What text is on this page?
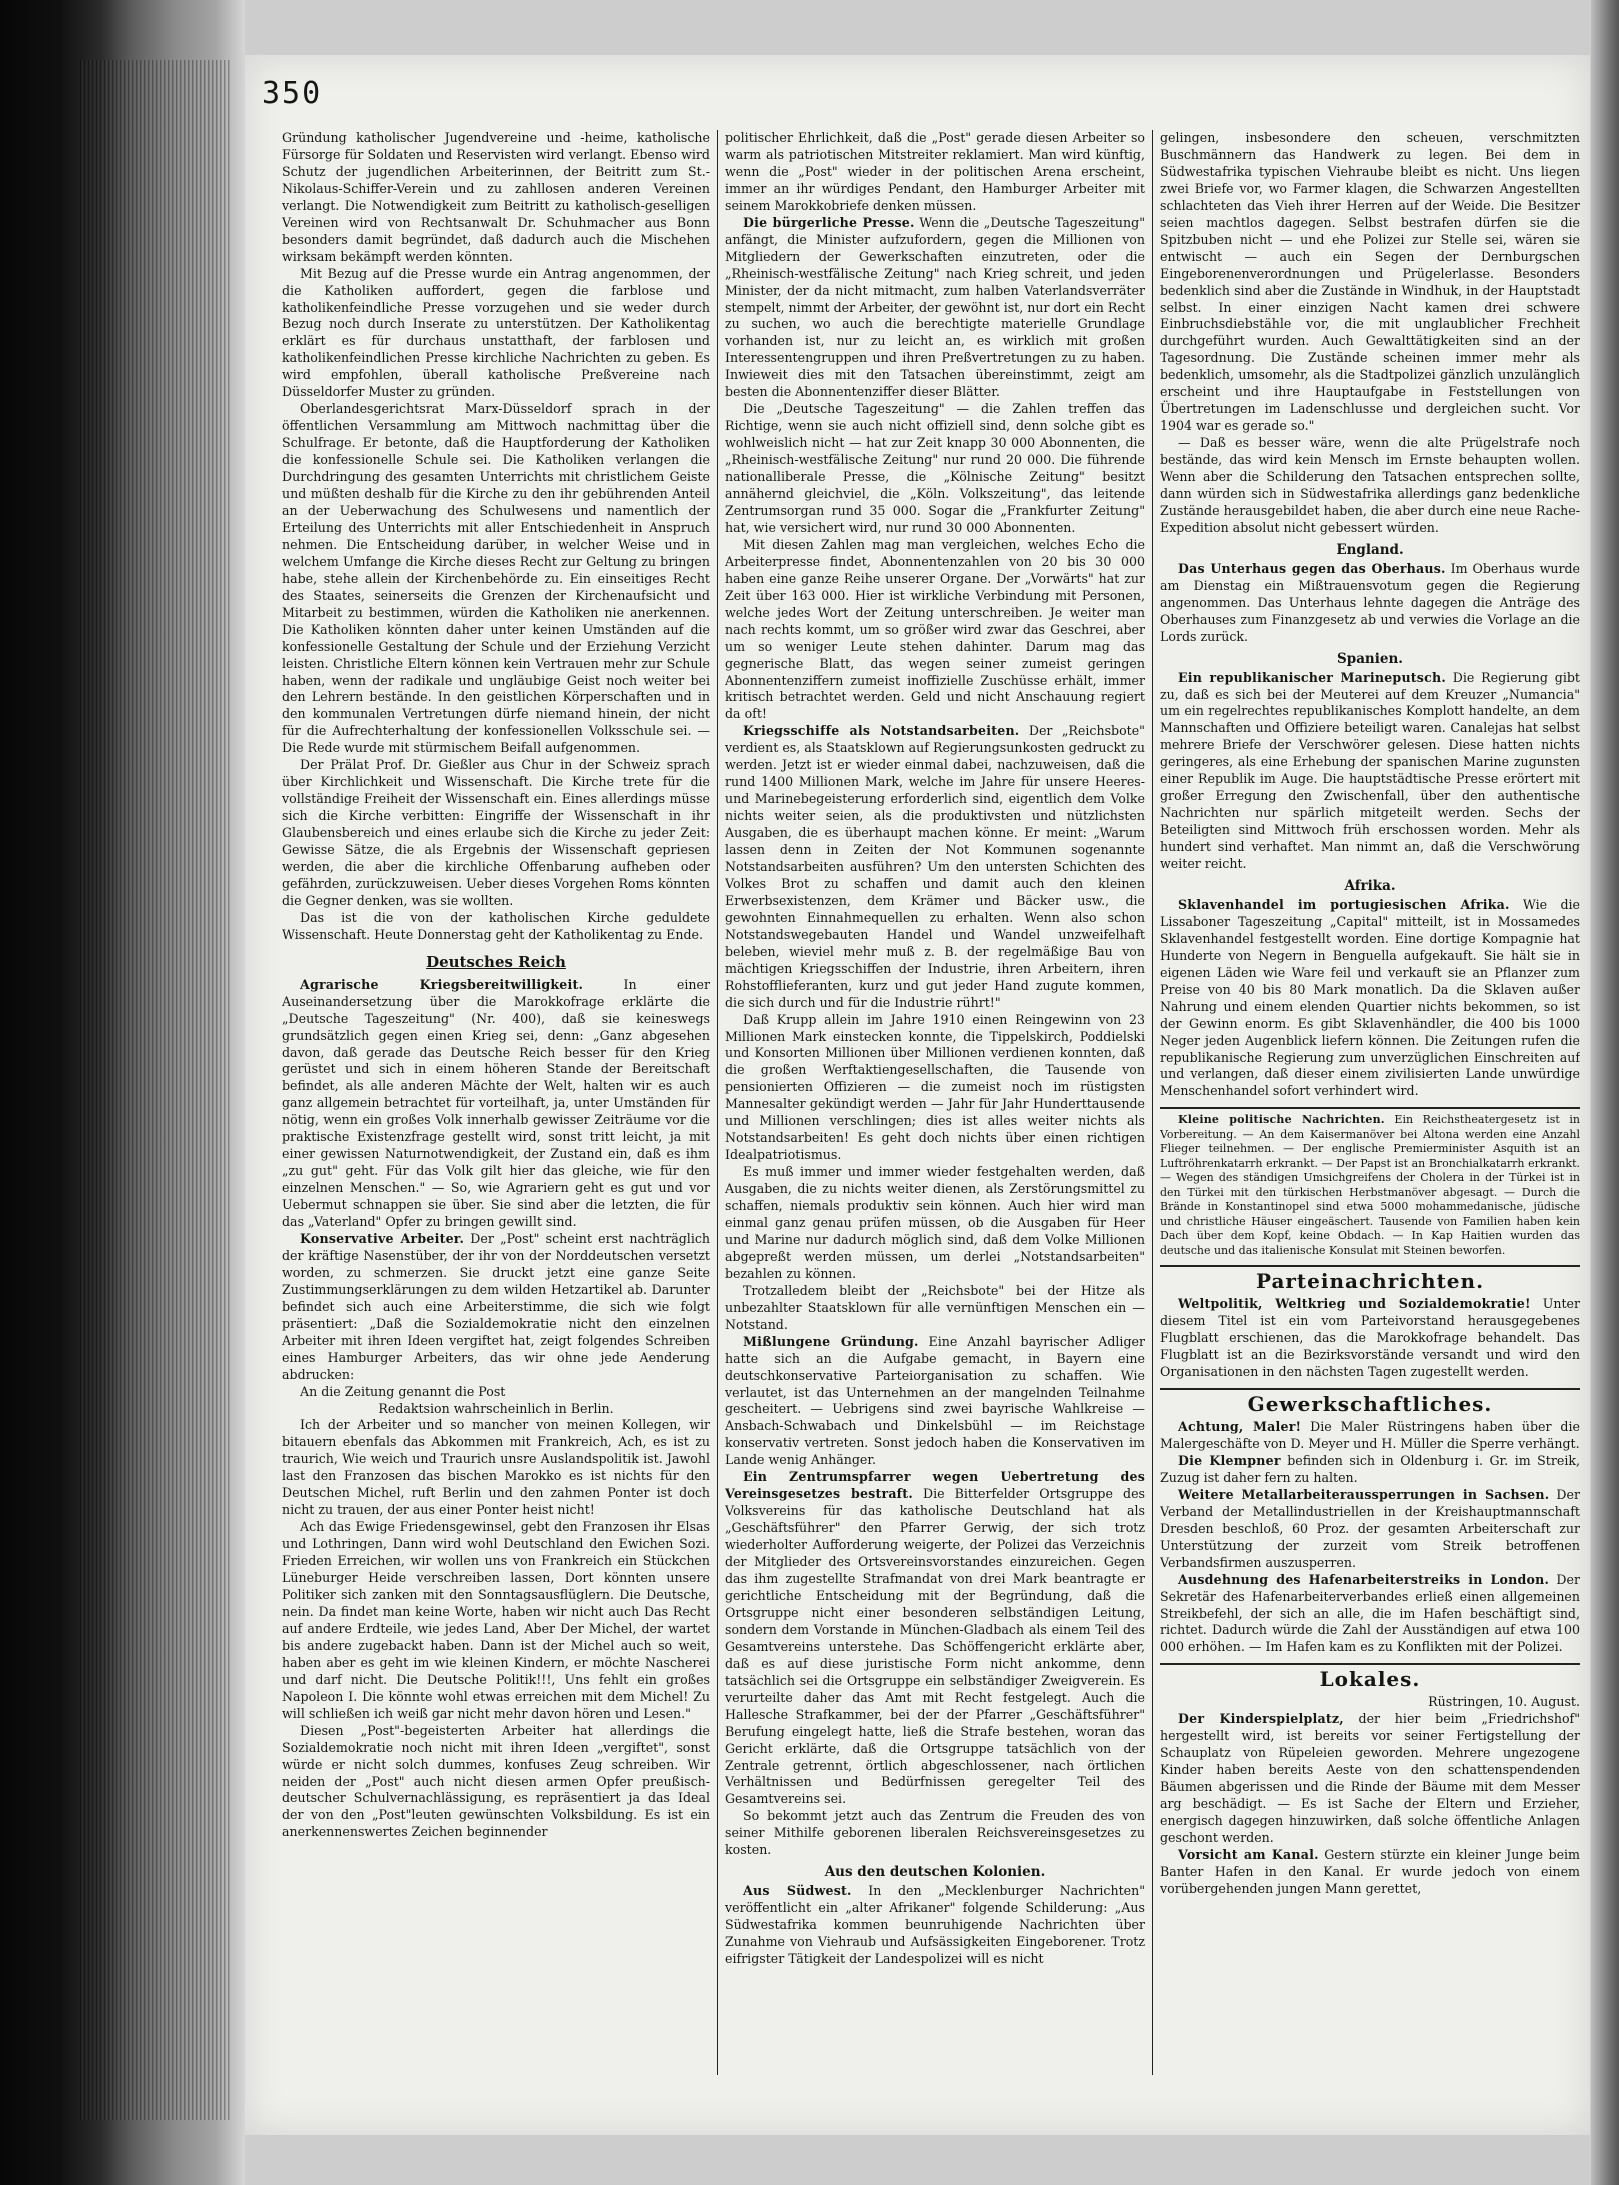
350

Gründung katholischer Jugendvereine und -heime, katholische Fürsorge für Soldaten und Reservisten wird verlangt. Ebenso wird Schutz der jugendlichen Arbeiterinnen, der Beitritt zum St.-Nikolaus-Schiffer-Verein und zu zahllosen anderen Vereinen verlangt. Die Notwendigkeit zum Beitritt zu katholisch-geselligen Vereinen wird von Rechtsanwalt Dr. Schuhmacher aus Bonn besonders damit begründet, daß dadurch auch die Mischehen wirksam bekämpft werden könnten.

Mit Bezug auf die Presse wurde ein Antrag angenommen, der die Katholiken auffordert, gegen die farblose und katholikenfeindliche Presse vorzugehen und sie weder durch Bezug noch durch Inserate zu unterstützen. Der Katholikentag erklärt es für durchaus unstatthaft, der farblosen und katholikenfeindlichen Presse kirchliche Nachrichten zu geben. Es wird empfohlen, überall katholische Preßvereine nach Düsseldorfer Muster zu gründen.

Oberlandesgerichtsrat Marx-Düsseldorf sprach in der öffentlichen Versammlung am Mittwoch nachmittag über die Schulfrage. Er betonte, daß die Hauptforderung der Katholiken die konfessionelle Schule sei. Die Katholiken verlangen die Durchdringung des gesamten Unterrichts mit christlichem Geiste und müßten deshalb für die Kirche zu den ihr gebührenden Anteil an der Ueberwachung des Schulwesens und namentlich der Erteilung des Unterrichts mit aller Entschiedenheit in Anspruch nehmen. Die Entscheidung darüber, in welcher Weise und in welchem Umfange die Kirche dieses Recht zur Geltung zu bringen habe, stehe allein der Kirchenbehörde zu. Ein einseitiges Recht des Staates, seinerseits die Grenzen der Kirchenaufsicht und Mitarbeit zu bestimmen, würden die Katholiken nie anerkennen. Die Katholiken könnten daher unter keinen Umständen auf die konfessionelle Gestaltung der Schule und der Erziehung Verzicht leisten. Christliche Eltern können kein Vertrauen mehr zur Schule haben, wenn der radikale und ungläubige Geist noch weiter bei den Lehrern bestände. In den geistlichen Körperschaften und in den kommunalen Vertretungen dürfe niemand hinein, der nicht für die Aufrechterhaltung der konfessionellen Volksschule sei. — Die Rede wurde mit stürmischem Beifall aufgenommen.

Der Prälat Prof. Dr. Gießler aus Chur in der Schweiz sprach über Kirchlichkeit und Wissenschaft. Die Kirche trete für die vollständige Freiheit der Wissenschaft ein. Eines allerdings müsse sich die Kirche verbitten: Eingriffe der Wissenschaft in ihr Glaubensbereich und eines erlaube sich die Kirche zu jeder Zeit: Gewisse Sätze, die als Ergebnis der Wissenschaft gepriesen werden, die aber die kirchliche Offenbarung aufheben oder gefährden, zurückzuweisen. Ueber dieses Vorgehen Roms könnten die Gegner denken, was sie wollten.

Das ist die von der katholischen Kirche geduldete Wissenschaft. Heute Donnerstag geht der Katholikentag zu Ende.

Deutsches Reich

Agrarische Kriegsbereitwilligkeit. In einer Auseinandersetzung über die Marokkofrage erklärte die „Deutsche Tageszeitung" (Nr. 400), daß sie keineswegs grundsätzlich gegen einen Krieg sei, denn: „Ganz abgesehen davon, daß gerade das Deutsche Reich besser für den Krieg gerüstet und sich in einem höheren Stande der Bereitschaft befindet, als alle anderen Mächte der Welt, halten wir es auch ganz allgemein betrachtet für vorteilhaft, ja, unter Umständen für nötig, wenn ein großes Volk innerhalb gewisser Zeiträume vor die praktische Existenzfrage gestellt wird, sonst tritt leicht, ja mit einer gewissen Naturnotwendigkeit, der Zustand ein, daß es ihm „zu gut" geht. Für das Volk gilt hier das gleiche, wie für den einzelnen Menschen." — So, wie Agrariern geht es gut und vor Uebermut schnappen sie über. Sie sind aber die letzten, die für das „Vaterland" Opfer zu bringen gewillt sind.

Konservative Arbeiter. Der „Post" scheint erst nachträglich der kräftige Nasenstüber, der ihr von der Norddeutschen versetzt worden, zu schmerzen. Sie druckt jetzt eine ganze Seite Zustimmungserklärungen zu dem wilden Hetzartikel ab. Darunter befindet sich auch eine Arbeiterstimme, die sich wie folgt präsentiert: „Daß die Sozialdemokratie nicht den einzelnen Arbeiter mit ihren Ideen vergiftet hat, zeigt folgendes Schreiben eines Hamburger Arbeiters, das wir ohne jede Aenderung abdrucken:

An die Zeitung genannt die Post

Redaktsion wahrscheinlich in Berlin.

Ich der Arbeiter und so mancher von meinen Kollegen, wir bitauern ebenfals das Abkommen mit Frankreich, Ach, es ist zu traurich, Wie weich und Traurich unsre Auslandspolitik ist. Jawohl last den Franzosen das bischen Marokko es ist nichts für den Deutschen Michel, ruft Berlin und den zahmen Ponter ist doch nicht zu trauen, der aus einer Ponter heist nicht!

Ach das Ewige Friedensgewinsel, gebt den Franzosen ihr Elsas und Lothringen, Dann wird wohl Deutschland den Ewichen Sozi. Frieden Erreichen, wir wollen uns von Frankreich ein Stückchen Lüneburger Heide verschreiben lassen, Dort könnten unsere Politiker sich zanken mit den Sonntagsausflüglern. Die Deutsche, nein. Da findet man keine Worte, haben wir nicht auch Das Recht auf andere Erdteile, wie jedes Land, Aber Der Michel, der wartet bis andere zugebackt haben. Dann ist der Michel auch so weit, haben aber es geht im wie kleinen Kindern, er möchte Nascherei und darf nicht. Die Deutsche Politik!!!, Uns fehlt ein großes Napoleon I. Die könnte wohl etwas erreichen mit dem Michel! Zu will schließen ich weiß gar nicht mehr davon hören und Lesen."

Diesen „Post"-begeisterten Arbeiter hat allerdings die Sozialdemokratie noch nicht mit ihren Ideen „vergiftet", sonst würde er nicht solch dummes, konfuses Zeug schreiben. Wir neiden der „Post" auch nicht diesen armen Opfer preußisch-deutscher Schulvernachlässigung, es repräsentiert ja das Ideal der von den „Post"leuten gewünschten Volksbildung. Es ist ein anerkennenswertes Zeichen beginnender

politischer Ehrlichkeit, daß die „Post" gerade diesen Arbeiter so warm als patriotischen Mitstreiter reklamiert. Man wird künftig, wenn die „Post" wieder in der politischen Arena erscheint, immer an ihr würdiges Pendant, den Hamburger Arbeiter mit seinem Marokkobriefe denken müssen.

Die bürgerliche Presse. Wenn die „Deutsche Tageszeitung" anfängt, die Minister aufzufordern, gegen die Millionen von Mitgliedern der Gewerkschaften einzutreten, oder die „Rheinisch-westfälische Zeitung" nach Krieg schreit, und jeden Minister, der da nicht mitmacht, zum halben Vaterlandsverräter stempelt, nimmt der Arbeiter, der gewöhnt ist, nur dort ein Recht zu suchen, wo auch die berechtigte materielle Grundlage vorhanden ist, nur zu leicht an, es wirklich mit großen Interessentengruppen und ihren Preßvertretungen zu zu haben. Inwieweit dies mit den Tatsachen übereinstimmt, zeigt am besten die Abonnentenziffer dieser Blätter.

Die „Deutsche Tageszeitung" — die Zahlen treffen das Richtige, wenn sie auch nicht offiziell sind, denn solche gibt es wohlweislich nicht — hat zur Zeit knapp 30 000 Abonnenten, die „Rheinisch-westfälische Zeitung" nur rund 20 000. Die führende nationalliberale Presse, die „Kölnische Zeitung" besitzt annähernd gleichviel, die „Köln. Volkszeitung", das leitende Zentrumsorgan rund 35 000. Sogar die „Frankfurter Zeitung" hat, wie versichert wird, nur rund 30 000 Abonnenten.

Mit diesen Zahlen mag man vergleichen, welches Echo die Arbeiterpresse findet, Abonnentenzahlen von 20 bis 30 000 haben eine ganze Reihe unserer Organe. Der „Vorwärts" hat zur Zeit über 163 000. Hier ist wirkliche Verbindung mit Personen, welche jedes Wort der Zeitung unterschreiben. Je weiter man nach rechts kommt, um so größer wird zwar das Geschrei, aber um so weniger Leute stehen dahinter. Darum mag das gegnerische Blatt, das wegen seiner zumeist geringen Abonnentenziffern zumeist inoffizielle Zuschüsse erhält, immer kritisch betrachtet werden. Geld und nicht Anschauung regiert da oft!

Kriegsschiffe als Notstandsarbeiten. Der „Reichsbote" verdient es, als Staatsklown auf Regierungsunkosten gedruckt zu werden. Jetzt ist er wieder einmal dabei, nachzuweisen, daß die rund 1400 Millionen Mark, welche im Jahre für unsere Heeres- und Marinebegeisterung erforderlich sind, eigentlich dem Volke nichts weiter seien, als die produktivsten und nützlichsten Ausgaben, die es überhaupt machen könne. Er meint: „Warum lassen denn in Zeiten der Not Kommunen sogenannte Notstandsarbeiten ausführen? Um den untersten Schichten des Volkes Brot zu schaffen und damit auch den kleinen Erwerbsexistenzen, dem Krämer und Bäcker usw., die gewohnten Einnahmequellen zu erhalten. Wenn also schon Notstandswegebauten Handel und Wandel unzweifelhaft beleben, wieviel mehr muß z. B. der regelmäßige Bau von mächtigen Kriegsschiffen der Industrie, ihren Arbeitern, ihren Rohstofflieferanten, kurz und gut jeder Hand zugute kommen, die sich durch und für die Industrie rührt!"

Daß Krupp allein im Jahre 1910 einen Reingewinn von 23 Millionen Mark einstecken konnte, die Tippelskirch, Poddielski und Konsorten Millionen über Millionen verdienen konnten, daß die großen Werftaktiengesellschaften, die Tausende von pensionierten Offizieren — die zumeist noch im rüstigsten Mannesalter gekündigt werden — Jahr für Jahr Hunderttausende und Millionen verschlingen; dies ist alles weiter nichts als Notstandsarbeiten! Es geht doch nichts über einen richtigen Idealpatriotismus.

Es muß immer und immer wieder festgehalten werden, daß Ausgaben, die zu nichts weiter dienen, als Zerstörungsmittel zu schaffen, niemals produktiv sein können. Auch hier wird man einmal ganz genau prüfen müssen, ob die Ausgaben für Heer und Marine nur dadurch möglich sind, daß dem Volke Millionen abgepreßt werden müssen, um derlei „Notstandsarbeiten" bezahlen zu können.

Trotzalledem bleibt der „Reichsbote" bei der Hitze als unbezahlter Staatsklown für alle vernünftigen Menschen ein — Notstand.

Mißlungene Gründung. Eine Anzahl bayrischer Adliger hatte sich an die Aufgabe gemacht, in Bayern eine deutschkonservative Parteiorganisation zu schaffen. Wie verlautet, ist das Unternehmen an der mangelnden Teilnahme gescheitert. — Uebrigens sind zwei bayrische Wahlkreise — Ansbach-Schwabach und Dinkelsbühl — im Reichstage konservativ vertreten. Sonst jedoch haben die Konservativen im Lande wenig Anhänger.

Ein Zentrumspfarrer wegen Uebertretung des Vereinsgesetzes bestraft. Die Bitterfelder Ortsgruppe des Volksvereins für das katholische Deutschland hat als „Geschäftsführer" den Pfarrer Gerwig, der sich trotz wiederholter Aufforderung weigerte, der Polizei das Verzeichnis der Mitglieder des Ortsvereinsvorstandes einzureichen. Gegen das ihm zugestellte Strafmandat von drei Mark beantragte er gerichtliche Entscheidung mit der Begründung, daß die Ortsgruppe nicht einer besonderen selbständigen Leitung, sondern dem Vorstande in München-Gladbach als einem Teil des Gesamtvereins unterstehe. Das Schöffengericht erklärte aber, daß es auf diese juristische Form nicht ankomme, denn tatsächlich sei die Ortsgruppe ein selbständiger Zweigverein. Es verurteilte daher das Amt mit Recht festgelegt. Auch die Hallesche Strafkammer, bei der der Pfarrer „Geschäftsführer" Berufung eingelegt hatte, ließ die Strafe bestehen, woran das Gericht erklärte, daß die Ortsgruppe tatsächlich von der Zentrale getrennt, örtlich abgeschlossener, nach örtlichen Verhältnissen und Bedürfnissen geregelter Teil des Gesamtvereins sei.

So bekommt jetzt auch das Zentrum die Freuden des von seiner Mithilfe geborenen liberalen Reichsvereinsgesetzes zu kosten.

Aus den deutschen Kolonien.

Aus Südwest. In den „Mecklenburger Nachrichten" veröffentlicht ein „alter Afrikaner" folgende Schilderung: „Aus Südwestafrika kommen beunruhigende Nachrichten über Zunahme von Viehraub und Aufsässigkeiten Eingeborener. Trotz eifrigster Tätigkeit der Landespolizei will es nicht

gelingen, insbesondere den scheuen, verschmitzten Buschmännern das Handwerk zu legen. Bei dem in Südwestafrika typischen Viehraube bleibt es nicht. Uns liegen zwei Briefe vor, wo Farmer klagen, die Schwarzen Angestellten schlachteten das Vieh ihrer Herren auf der Weide. Die Besitzer seien machtlos dagegen. Selbst bestrafen dürfen sie die Spitzbuben nicht — und ehe Polizei zur Stelle sei, wären sie entwischt — auch ein Segen der Dernburgschen Eingeborenenverordnungen und Prügelerlasse. Besonders bedenklich sind aber die Zustände in Windhuk, in der Hauptstadt selbst. In einer einzigen Nacht kamen drei schwere Einbruchsdiebstähle vor, die mit unglaublicher Frechheit durchgeführt wurden. Auch Gewalttätigkeiten sind an der Tagesordnung. Die Zustände scheinen immer mehr als bedenklich, umsomehr, als die Stadtpolizei gänzlich unzulänglich erscheint und ihre Hauptaufgabe in Feststellungen von Übertretungen im Ladenschlusse und dergleichen sucht. Vor 1904 war es gerade so."

— Daß es besser wäre, wenn die alte Prügelstrafe noch bestände, das wird kein Mensch im Ernste behaupten wollen. Wenn aber die Schilderung den Tatsachen entsprechen sollte, dann würden sich in Südwestafrika allerdings ganz bedenkliche Zustände herausgebildet haben, die aber durch eine neue Rache-Expedition absolut nicht gebessert würden.

England.

Das Unterhaus gegen das Oberhaus. Im Oberhaus wurde am Dienstag ein Mißtrauensvotum gegen die Regierung angenommen. Das Unterhaus lehnte dagegen die Anträge des Oberhauses zum Finanzgesetz ab und verwies die Vorlage an die Lords zurück.

Spanien.

Ein republikanischer Marineputsch. Die Regierung gibt zu, daß es sich bei der Meuterei auf dem Kreuzer „Numancia" um ein regelrechtes republikanisches Komplott handelte, an dem Mannschaften und Offiziere beteiligt waren. Canalejas hat selbst mehrere Briefe der Verschwörer gelesen. Diese hatten nichts geringeres, als eine Erhebung der spanischen Marine zugunsten einer Republik im Auge. Die hauptstädtische Presse erörtert mit großer Erregung den Zwischenfall, über den authentische Nachrichten nur spärlich mitgeteilt werden. Sechs der Beteiligten sind Mittwoch früh erschossen worden. Mehr als hundert sind verhaftet. Man nimmt an, daß die Verschwörung weiter reicht.

Afrika.

Sklavenhandel im portugiesischen Afrika. Wie die Lissaboner Tageszeitung „Capital" mitteilt, ist in Mossamedes Sklavenhandel festgestellt worden. Eine dortige Kompagnie hat Hunderte von Negern in Benguella aufgekauft. Sie hält sie in eigenen Läden wie Ware feil und verkauft sie an Pflanzer zum Preise von 40 bis 80 Mark monatlich. Da die Sklaven außer Nahrung und einem elenden Quartier nichts bekommen, so ist der Gewinn enorm. Es gibt Sklavenhändler, die 400 bis 1000 Neger jeden Augenblick liefern können. Die Zeitungen rufen die republikanische Regierung zum unverzüglichen Einschreiten auf und verlangen, daß dieser einem zivilisierten Lande unwürdige Menschenhandel sofort verhindert wird.

Kleine politische Nachrichten. Ein Reichstheatergesetz ist in Vorbereitung. — An dem Kaisermanöver bei Altona werden eine Anzahl Flieger teilnehmen. — Der englische Premierminister Asquith ist an Luftröhrenkatarrh erkrankt. — Der Papst ist an Bronchialkatarrh erkrankt. — Wegen des ständigen Umsichgreifens der Cholera in der Türkei ist in den Türkei mit den türkischen Herbstmanöver abgesagt. — Durch die Brände in Konstantinopel sind etwa 5000 mohammedanische, jüdische und christliche Häuser eingeäschert. Tausende von Familien haben kein Dach über dem Kopf, keine Obdach. — In Kap Haitien wurden das deutsche und das italienische Konsulat mit Steinen beworfen.

Parteinachrichten.

Weltpolitik, Weltkrieg und Sozialdemokratie! Unter diesem Titel ist ein vom Parteivorstand herausgegebenes Flugblatt erschienen, das die Marokkofrage behandelt. Das Flugblatt ist an die Bezirksvorstände versandt und wird den Organisationen in den nächsten Tagen zugestellt werden.

Gewerkschaftliches.

Achtung, Maler! Die Maler Rüstringens haben über die Malergeschäfte von D. Meyer und H. Müller die Sperre verhängt.

Die Klempner befinden sich in Oldenburg i. Gr. im Streik, Zuzug ist daher fern zu halten.

Weitere Metallarbeiteraussperrungen in Sachsen. Der Verband der Metallindustriellen in der Kreishauptmannschaft Dresden beschloß, 60 Proz. der gesamten Arbeiterschaft zur Unterstützung der zurzeit vom Streik betroffenen Verbandsfirmen auszusperren.

Ausdehnung des Hafenarbeiterstreiks in London. Der Sekretär des Hafenarbeiterverbandes erließ einen allgemeinen Streikbefehl, der sich an alle, die im Hafen beschäftigt sind, richtet. Dadurch würde die Zahl der Ausständigen auf etwa 100 000 erhöhen. — Im Hafen kam es zu Konflikten mit der Polizei.

Lokales.

Rüstringen, 10. August.

Der Kinderspielplatz, der hier beim „Friedrichshof" hergestellt wird, ist bereits vor seiner Fertigstellung der Schauplatz von Rüpeleien geworden. Mehrere ungezogene Kinder haben bereits Aeste von den schattenspendenden Bäumen abgerissen und die Rinde der Bäume mit dem Messer arg beschädigt. — Es ist Sache der Eltern und Erzieher, energisch dagegen hinzuwirken, daß solche öffentliche Anlagen geschont werden.

Vorsicht am Kanal. Gestern stürzte ein kleiner Junge beim Banter Hafen in den Kanal. Er wurde jedoch von einem vorübergehenden jungen Mann gerettet,
